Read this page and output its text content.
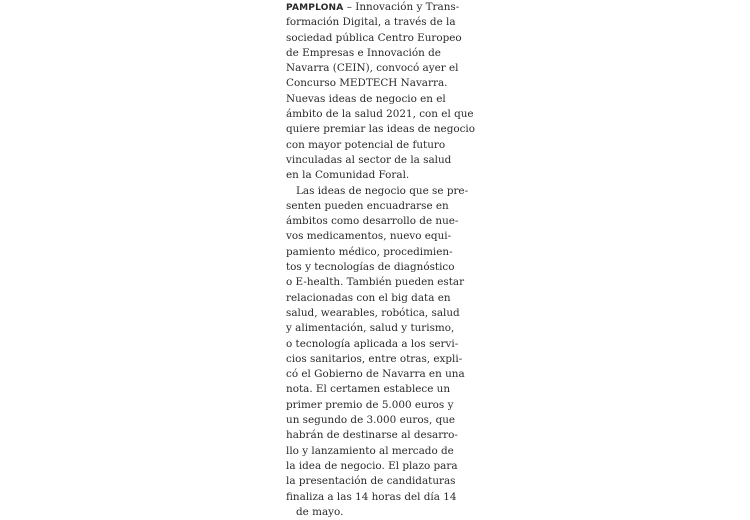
PAMPLONA – Innovación y Trans-
formación Digital, a través de la
sociedad pública Centro Europeo
de Empresas e Innovación de
Navarra (CEIN), convocó ayer el
Concurso MEDTECH Navarra.
Nuevas ideas de negocio en el
ámbito de la salud 2021, con el que
quiere premiar las ideas de negocio
con mayor potencial de futuro
vinculadas al sector de la salud
en la Comunidad Foral.
Las ideas de negocio que se pre-
senten pueden encuadrarse en
ámbitos como desarrollo de nue-
vos medicamentos, nuevo equi-
pamiento médico, procedimien-
tos y tecnologías de diagnóstico
o E-health. También pueden estar
relacionadas con el big data en
salud, wearables, robótica, salud
y alimentación, salud y turismo,
o tecnología aplicada a los servi-
cios sanitarios, entre otras, expli-
có el Gobierno de Navarra en una
nota. El certamen establece un
primer premio de 5.000 euros y
un segundo de 3.000 euros, que
habrán de destinarse al desarro-
llo y lanzamiento al mercado de
la idea de negocio. El plazo para
la presentación de candidaturas
finaliza a las 14 horas del día 14
de mayo.
